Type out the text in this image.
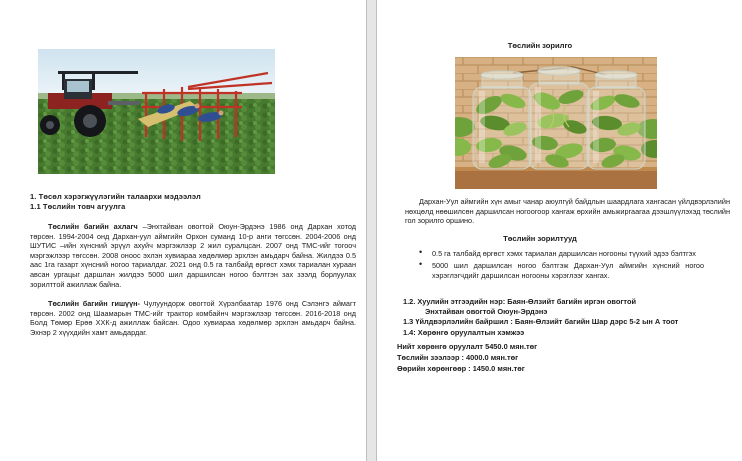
1. Төсөл хэрэгжүүлэгийн талаархи мэдээлэл
1.1 Төслийн товч агуулга

Төслийн багийн ахлагч –Энхтайван овогтой Оюун-Эрдэнэ 1986 онд Дархан хотод төрсөн. 1994-2004 онд Дархан-уул аймгийн Орхон суманд 10-р анги төгссөн. 2004-2006 онд ШУТИС –ийн хүнсний эрүүл ахуйч мэргэжлээр 2 жил суралцсан. 2007 онд ТМС-ийг тогооч мэргэжлээр төгссөн. 2008 оноос эхлэн хувиараа хөдөлмөр эрхлэн амьдарч байна. Жилдээ 0.5 аас 1га газарт хүнсний ногоо тариалдаг. 2021 онд 0.5 га талбайд өргөст хэмх тариалан хураан авсан ургацыг даршлан жилдээ 5000 шил даршилсан ногоо бэлтгэн зах зээлд борлуулах зорилттой ажиллаж байна.

Төслийн багийн гишүүн- Чулуундорж овогтой Хүрэлбаатар 1976 онд Сэлэнгэ аймагт төрсөн. 2002 онд Шаамарын ТМС-ийг трактор комбайнч мэргэжлээр төгссөн. 2016-2018 онд Болд Төмөр Ерөө ХХК-д ажиллаж байсан. Одоо хувиараа хөдөлмөр эрхлэн амьдарч байна. Эхнэр 2 хүүхдийн хамт амьдардаг.

Төслийн зорилго

Дархан-Уул аймгийн хүн амыг чанар аюулгүй байдлын шаардлага хангасан үйлдвэрлэлийн нөхцөлд нөөшилсөн даршилсан ногоогоор хангаж өрхийн амьжиргаагаа дээшлүүлэхэд төслийн гол зорилго оршино.

Төслийн зорилтууд
• 0.5 га талбайд өргөст хэмх тариалан даршилсан ногооны түүхий эдээ бэлтгэх
• 5000 шил даршилсан ногоо бэлтгэж Дархан-Уул аймгийн хүнсний ногоо хэрэглэгчдийг даршилсан ногооны хэрэглээг хангах.
1.2. Хуулийн этгээдийн нэр: Баян-Өлзийт багийн иргэн овогтой
Энхтайван овогтой Оюун-Эрдэнэ
1.3 Үйлдвэрлэлийн байршил : Баян-Өлзийт багийн Шар дэрс 5-2 ын А тоот
1.4: Хөрөнгө оруулалтын хэмжээ
Нийт хөрөнгө оруулалт 5450.0 мян.төг
Төслийн зээлээр : 4000.0 мян.төг
Өөрийн хөрөнгөөр : 1450.0 мян.төг
